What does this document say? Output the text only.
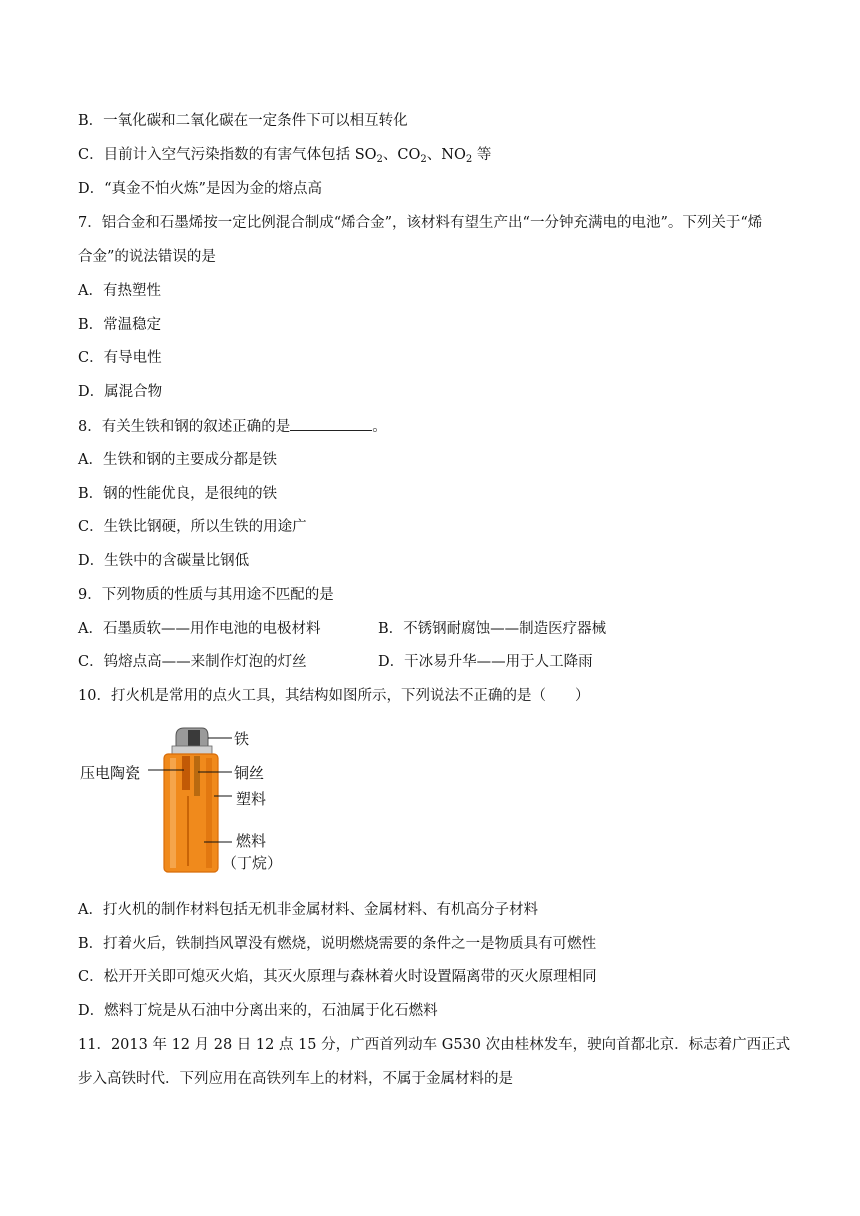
B．一氧化碳和二氧化碳在一定条件下可以相互转化
C．目前计入空气污染指数的有害气体包括 $SO_2$、$CO_2$、$NO_2$ 等
D．“真金不怕火炼”是因为金的熔点高
7．铝合金和石墨烯按一定比例混合制成“烯合金”，该材料有望生产出“一分钟充满电的电池”。下列关于“烯
合金”的说法错误的是
A．有热塑性
B．常温稳定
C．有导电性
D．属混合物
8．有关生铁和钢的叙述正确的是	。
A．生铁和钢的主要成分都是铁
B．钢的性能优良，是很纯的铁
C．生铁比钢硬，所以生铁的用途广
D．生铁中的含碳量比钢低
9．下列物质的性质与其用途不匹配的是
A．石墨质软——用作电池的电极材料	B．不锈钢耐腐蚀——制造医疗器械
C．钨熔点高——来制作灯泡的灯丝	D．干冰易升华——用于人工降雨
10．打火机是常用的点火工具，其结构如图所示，下列说法不正确的是（　　）
铁
压电陶瓷	铜丝
塑料
燃料
（丁烷）
A．打火机的制作材料包括无机非金属材料、金属材料、有机高分子材料
B．打着火后，铁制挡风罩没有燃烧，说明燃烧需要的条件之一是物质具有可燃性
C．松开开关即可熄灭火焰，其灭火原理与森林着火时设置隔离带的灭火原理相同
D．燃料丁烷是从石油中分离出来的，石油属于化石燃料
11．2013 年 12 月 28 日 12 点 15 分，广西首列动车 G530 次由桂林发车，驶向首都北京．标志着广西正式
步入高铁时代．下列应用在高铁列车上的材料，不属于金属材料的是
